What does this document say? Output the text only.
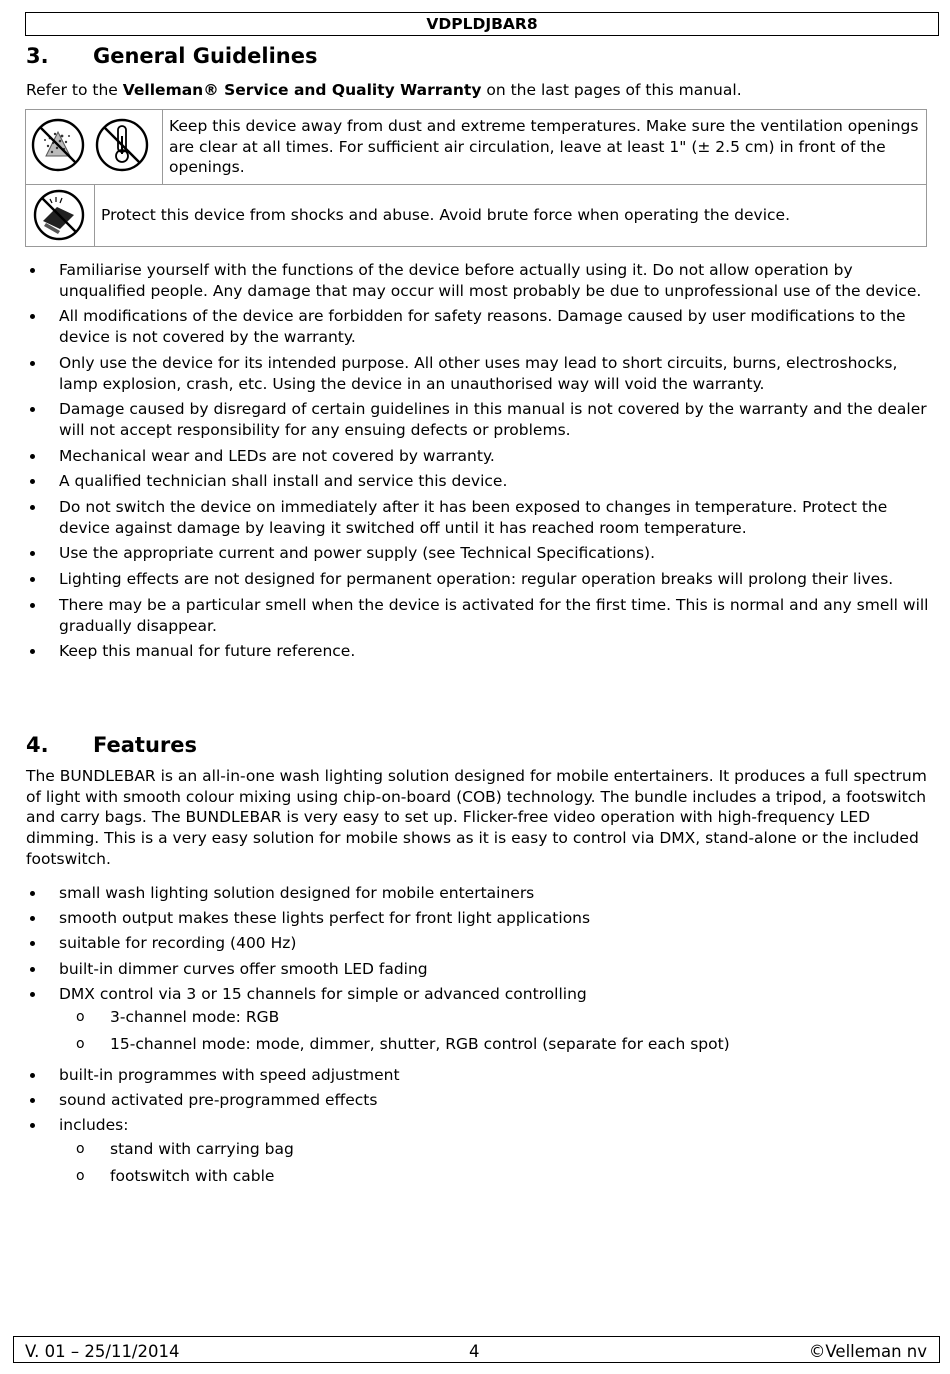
VDPLDJBAR8
3. General Guidelines

Refer to the Velleman® Service and Quality Warranty on the last pages of this manual.

Keep this device away from dust and extreme temperatures. Make sure the ventilation openings are clear at all times. For sufficient air circulation, leave at least 1" (± 2.5 cm) in front of the openings.
Protect this device from shocks and abuse. Avoid brute force when operating the device.
Familiarise yourself with the functions of the device before actually using it. Do not allow operation by unqualified people. Any damage that may occur will most probably be due to unprofessional use of the device.
All modifications of the device are forbidden for safety reasons. Damage caused by user modifications to the device is not covered by the warranty.
Only use the device for its intended purpose. All other uses may lead to short circuits, burns, electroshocks, lamp explosion, crash, etc. Using the device in an unauthorised way will void the warranty.
Damage caused by disregard of certain guidelines in this manual is not covered by the warranty and the dealer will not accept responsibility for any ensuing defects or problems.
Mechanical wear and LEDs are not covered by warranty.
A qualified technician shall install and service this device.
Do not switch the device on immediately after it has been exposed to changes in temperature. Protect the device against damage by leaving it switched off until it has reached room temperature.
Use the appropriate current and power supply (see Technical Specifications).
Lighting effects are not designed for permanent operation: regular operation breaks will prolong their lives.
There may be a particular smell when the device is activated for the first time. This is normal and any smell will gradually disappear.
Keep this manual for future reference.
4. Features

The BUNDLEBAR is an all-in-one wash lighting solution designed for mobile entertainers. It produces a full spectrum of light with smooth colour mixing using chip-on-board (COB) technology. The bundle includes a tripod, a footswitch and carry bags. The BUNDLEBAR is very easy to set up. Flicker-free video operation with high-frequency LED dimming. This is a very easy solution for mobile shows as it is easy to control via DMX, stand-alone or the included footswitch.

small wash lighting solution designed for mobile entertainers
smooth output makes these lights perfect for front light applications
suitable for recording (400 Hz)
built-in dimmer curves offer smooth LED fading
DMX control via 3 or 15 channels for simple or advanced controlling
o 3-channel mode: RGB
o 15-channel mode: mode, dimmer, shutter, RGB control (separate for each spot)
built-in programmes with speed adjustment
sound activated pre-programmed effects
includes:
o stand with carrying bag
o footswitch with cable
V. 01 – 25/11/2014	4	©Velleman nv
